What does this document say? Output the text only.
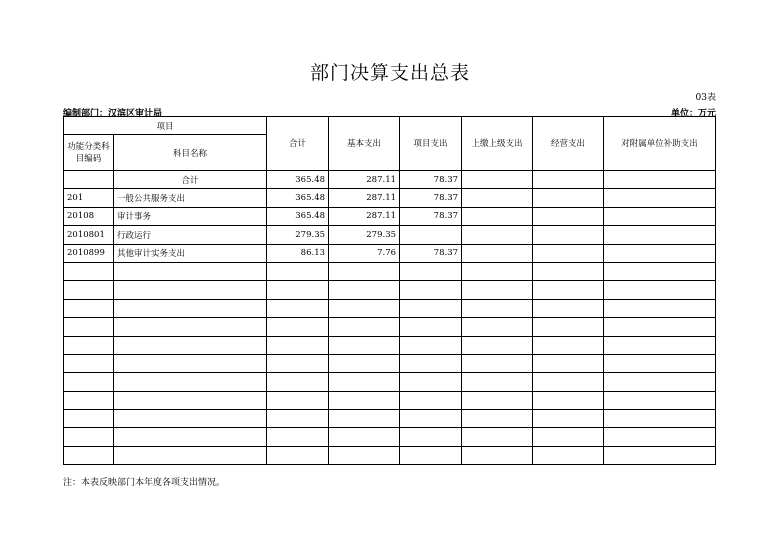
部门决算支出总表
03表
编制部门：汉滨区审计局	单位：万元
项目		合计	基本支出	项目支出	上缴上级支出	经营支出	对附属单位补助支出
功能分类科目编码	科目名称						
	合计	365.48	287.11	78.37			
201	一般公共服务支出	365.48	287.11	78.37			
20108	审计事务	365.48	287.11	78.37			
2010801	行政运行	279.35	279.35				
2010899	其他审计实务支出	86.13	7.76	78.37			

注：本表反映部门本年度各项支出情况。
